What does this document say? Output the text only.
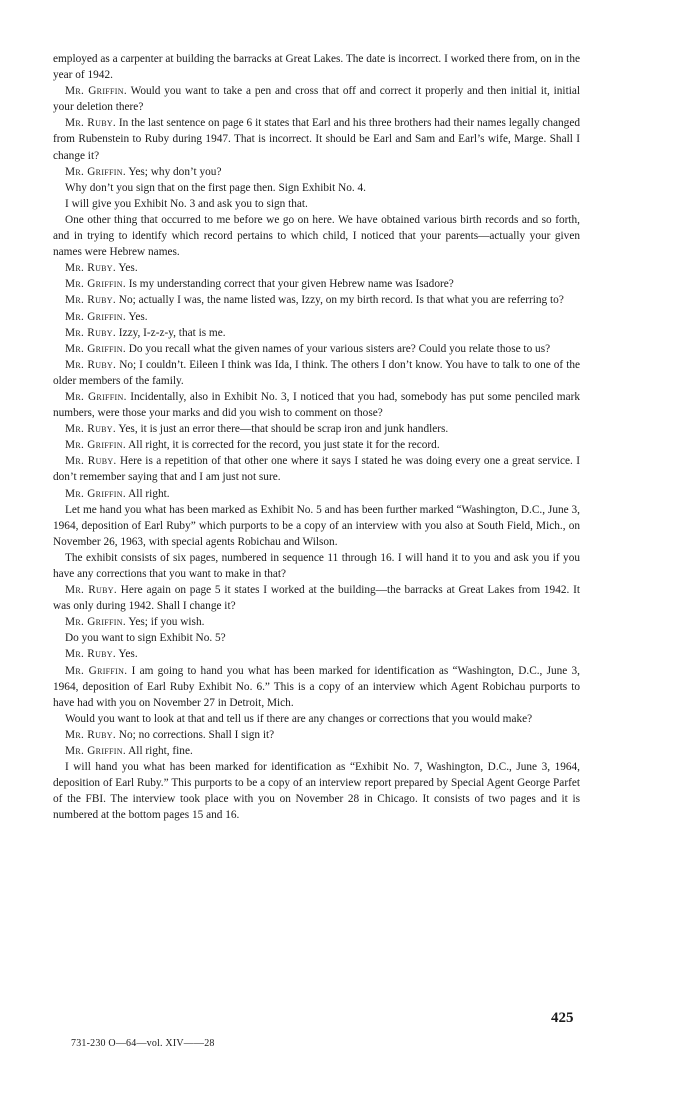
employed as a carpenter at building the barracks at Great Lakes. The date is incorrect. I worked there from, on in the year of 1942.

Mr. Griffin. Would you want to take a pen and cross that off and correct it properly and then initial it, initial your deletion there?

Mr. Ruby. In the last sentence on page 6 it states that Earl and his three brothers had their names legally changed from Rubenstein to Ruby during 1947. That is incorrect. It should be Earl and Sam and Earl’s wife, Marge. Shall I change it?

Mr. Griffin. Yes; why don’t you?

Why don’t you sign that on the first page then. Sign Exhibit No. 4.

I will give you Exhibit No. 3 and ask you to sign that.

One other thing that occurred to me before we go on here. We have obtained various birth records and so forth, and in trying to identify which record pertains to which child, I noticed that your parents—actually your given names were Hebrew names.

Mr. Ruby. Yes.

Mr. Griffin. Is my understanding correct that your given Hebrew name was Isadore?

Mr. Ruby. No; actually I was, the name listed was, Izzy, on my birth record. Is that what you are referring to?

Mr. Griffin. Yes.

Mr. Ruby. Izzy, I-z-z-y, that is me.

Mr. Griffin. Do you recall what the given names of your various sisters are? Could you relate those to us?

Mr. Ruby. No; I couldn’t. Eileen I think was Ida, I think. The others I don’t know. You have to talk to one of the older members of the family.

Mr. Griffin. Incidentally, also in Exhibit No. 3, I noticed that you had, somebody has put some penciled mark numbers, were those your marks and did you wish to comment on those?

Mr. Ruby. Yes, it is just an error there—that should be scrap iron and junk handlers.

Mr. Griffin. All right, it is corrected for the record, you just state it for the record.

Mr. Ruby. Here is a repetition of that other one where it says I stated he was doing every one a great service. I don’t remember saying that and I am just not sure.

Mr. Griffin. All right.

Let me hand you what has been marked as Exhibit No. 5 and has been further marked “Washington, D.C., June 3, 1964, deposition of Earl Ruby” which purports to be a copy of an interview with you also at South Field, Mich., on November 26, 1963, with special agents Robichau and Wilson.

The exhibit consists of six pages, numbered in sequence 11 through 16. I will hand it to you and ask you if you have any corrections that you want to make in that?

Mr. Ruby. Here again on page 5 it states I worked at the building—the barracks at Great Lakes from 1942. It was only during 1942. Shall I change it?

Mr. Griffin. Yes; if you wish.

Do you want to sign Exhibit No. 5?

Mr. Ruby. Yes.

Mr. Griffin. I am going to hand you what has been marked for identification as “Washington, D.C., June 3, 1964, deposition of Earl Ruby Exhibit No. 6.” This is a copy of an interview which Agent Robichau purports to have had with you on November 27 in Detroit, Mich.

Would you want to look at that and tell us if there are any changes or corrections that you would make?

Mr. Ruby. No; no corrections. Shall I sign it?

Mr. Griffin. All right, fine.

I will hand you what has been marked for identification as “Exhibit No. 7, Washington, D.C., June 3, 1964, deposition of Earl Ruby.” This purports to be a copy of an interview report prepared by Special Agent George Parfet of the FBI. The interview took place with you on November 28 in Chicago. It consists of two pages and it is numbered at the bottom pages 15 and 16.

425
731-230 O—64—vol. XIV——28
